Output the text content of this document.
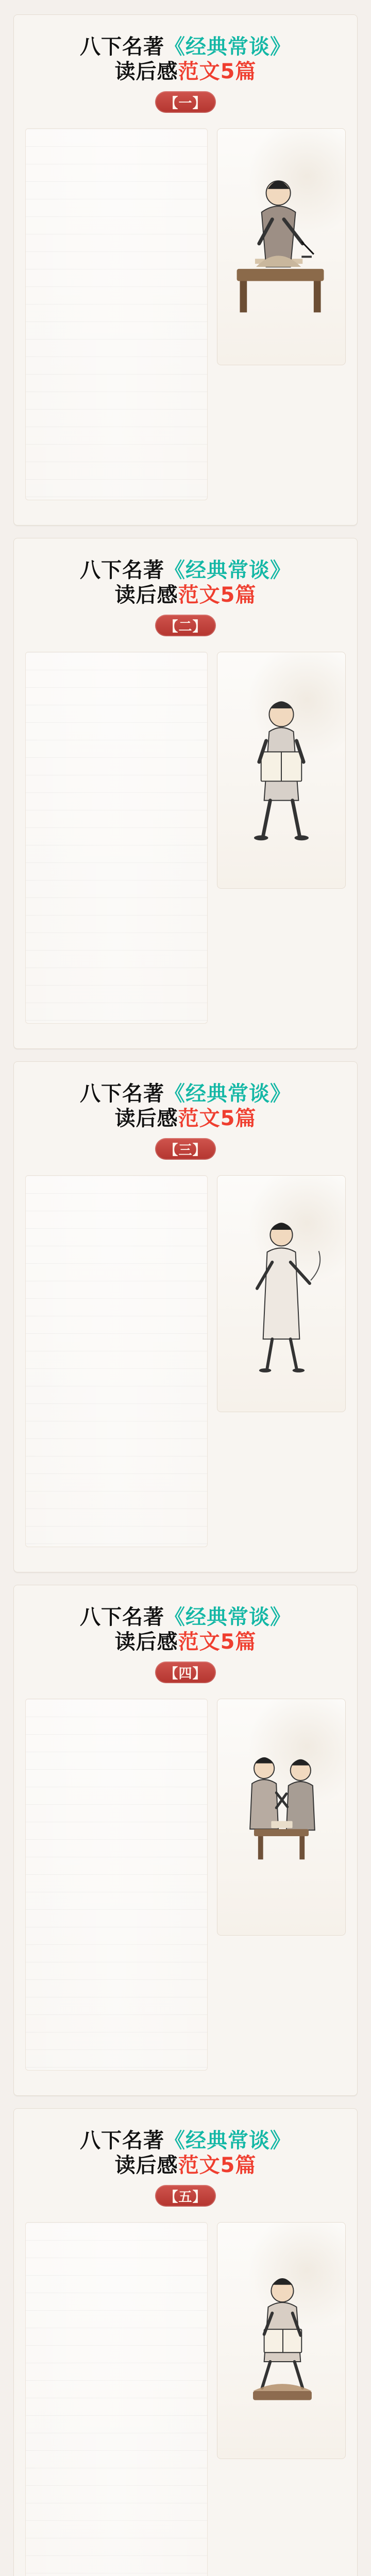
八下名著《经典常谈》读后感范文5篇
【一】
八下名著《经典常谈》读后感范文5篇
【二】
八下名著《经典常谈》读后感范文5篇
【三】
八下名著《经典常谈》读后感范文5篇
【四】
八下名著《经典常谈》读后感范文5篇
【五】
